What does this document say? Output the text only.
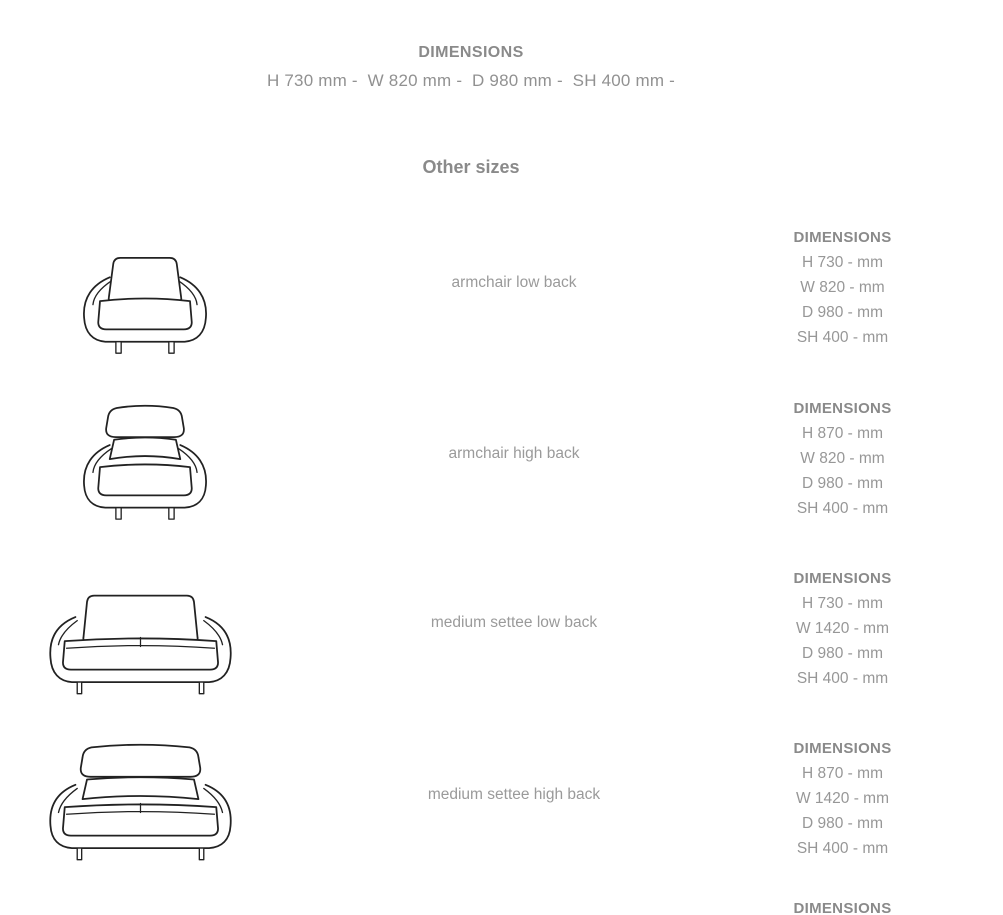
DIMENSIONS
H 730 mm -  W 820 mm -  D 980 mm -  SH 400 mm -
Other sizes
armchair low back
DIMENSIONS
H 730 - mm
W 820 - mm
D 980 - mm
SH 400 - mm
armchair high back
DIMENSIONS
H 870 - mm
W 820 - mm
D 980 - mm
SH 400 - mm
medium settee low back
DIMENSIONS
H 730 - mm
W 1420 - mm
D 980 - mm
SH 400 - mm
medium settee high back
DIMENSIONS
H 870 - mm
W 1420 - mm
D 980 - mm
SH 400 - mm
DIMENSIONS
